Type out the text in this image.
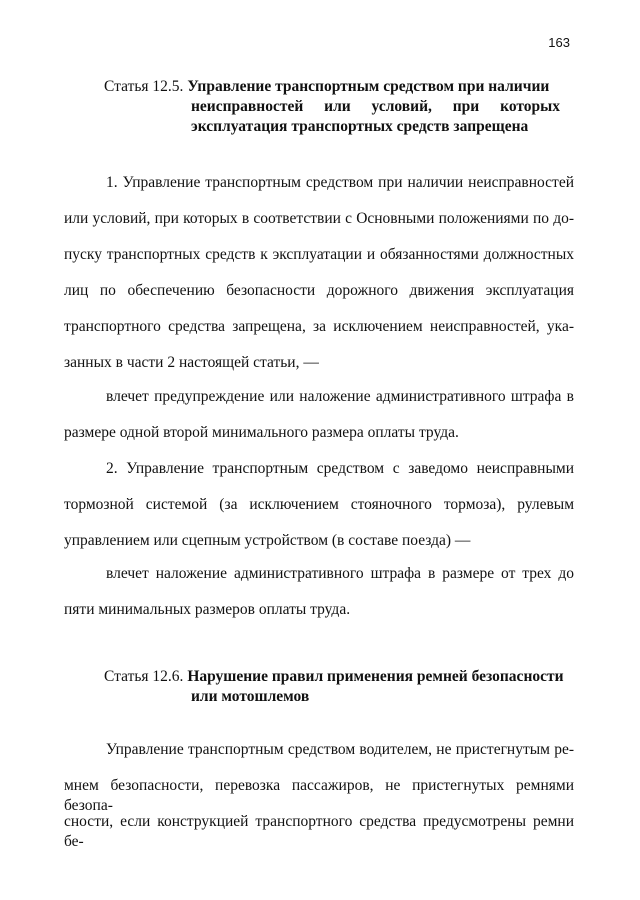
163
Статья 12.5. Управление транспортным средством при наличии
неисправностей или условий, при которых
эксплуатация транспортных средств запрещена
1. Управление транспортным средством при наличии неисправностей
или условий, при которых в соответствии с Основными положениями по до-
пуску транспортных средств к эксплуатации и обязанностями должностных
лиц по обеспечению безопасности дорожного движения эксплуатация
транспортного средства запрещена, за исключением неисправностей, ука-
занных в части 2 настоящей статьи, —
влечет предупреждение или наложение административного штрафа в
размере одной второй минимального размера оплаты труда.
2. Управление транспортным средством с заведомо неисправными
тормозной системой (за исключением стояночного тормоза), рулевым
управлением или сцепным устройством (в составе поезда) —
влечет наложение административного штрафа в размере от трех до
пяти минимальных размеров оплаты труда.
Статья 12.6. Нарушение правил применения ремней безопасности
или мотошлемов
Управление транспортным средством водителем, не пристегнутым ре-
мнем безопасности, перевозка пассажиров, не пристегнутых ремнями безопа-
сности, если конструкцией транспортного средства предусмотрены ремни бе-
